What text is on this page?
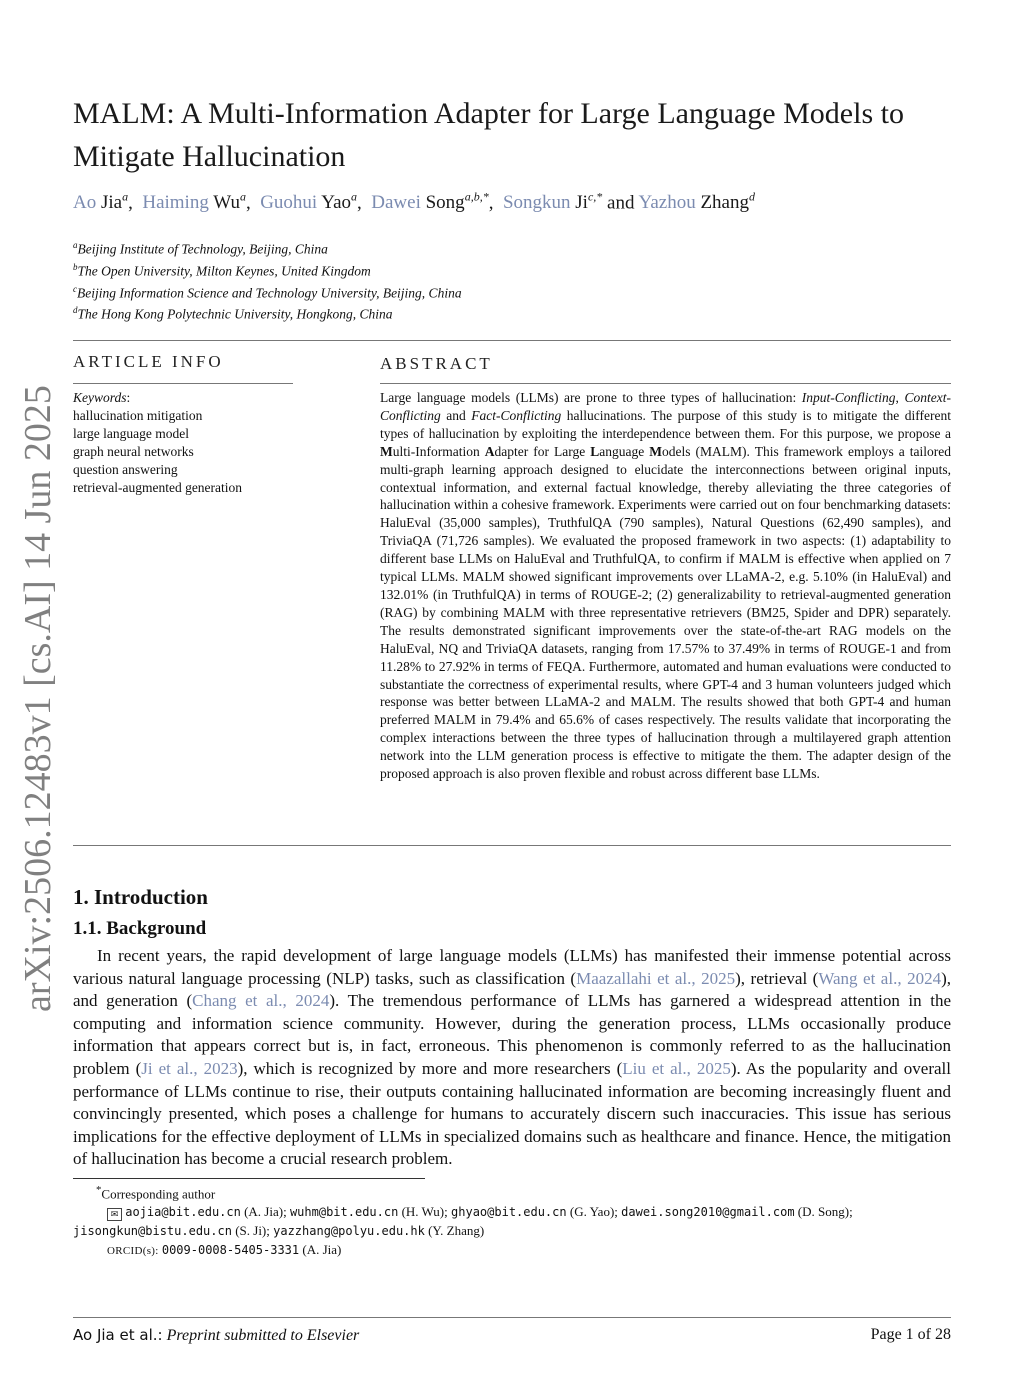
arXiv:2506.12483v1 [cs.AI] 14 Jun 2025
MALM: A Multi-Information Adapter for Large Language Models to Mitigate Hallucination
Ao Jia$^a$,  Haiming Wu$^a$,  Guohui Yao$^a$,  Dawei Song$^{a,b,*}$,  Songkun $Ji^{c,*}$ and Yazhou Zhang$^d$
$^a$Beijing Institute of Technology, Beijing, China
$^b$The Open University, Milton Keynes, United Kingdom
$^c$Beijing Information Science and Technology University, Beijing, China
$^d$The Hong Kong Polytechnic University, Hongkong, China
ARTICLE INFO
Keywords:
hallucination mitigation
large language model
graph neural networks
question answering
retrieval-augmented generation
ABSTRACT
Large language models (LLMs) are prone to three types of hallucination: Input-Conflicting, Context-Conflicting and Fact-Conflicting hallucinations. The purpose of this study is to mitigate the different types of hallucination by exploiting the interdependence between them. For this purpose, we propose a Multi-Information Adapter for Large Language Models (MALM). This framework employs a tailored multi-graph learning approach designed to elucidate the interconnections between original inputs, contextual information, and external factual knowledge, thereby alleviating the three categories of hallucination within a cohesive framework. Experiments were carried out on four benchmarking datasets: HaluEval (35,000 samples), TruthfulQA (790 samples), Natural Questions (62,490 samples), and TriviaQA (71,726 samples). We evaluated the proposed framework in two aspects: (1) adaptability to different base LLMs on HaluEval and TruthfulQA, to confirm if MALM is effective when applied on 7 typical LLMs. MALM showed significant improvements over LLaMA-2, e.g. 5.10% (in HaluEval) and 132.01% (in TruthfulQA) in terms of ROUGE-2; (2) generalizability to retrieval-augmented generation (RAG) by combining MALM with three representative retrievers (BM25, Spider and DPR) separately. The results demonstrated significant improvements over the state-of-the-art RAG models on the HaluEval, NQ and TriviaQA datasets, ranging from 17.57% to 37.49% in terms of ROUGE-1 and from 11.28% to 27.92% in terms of FEQA. Furthermore, automated and human evaluations were conducted to substantiate the correctness of experimental results, where GPT-4 and 3 human volunteers judged which response was better between LLaMA-2 and MALM. The results showed that both GPT-4 and human preferred MALM in 79.4% and 65.6% of cases respectively. The results validate that incorporating the complex interactions between the three types of hallucination through a multilayered graph attention network into the LLM generation process is effective to mitigate the them. The adapter design of the proposed approach is also proven flexible and robust across different base LLMs.
1. Introduction
1.1. Background
In recent years, the rapid development of large language models (LLMs) has manifested their immense potential across various natural language processing (NLP) tasks, such as classification (Maazallahi et al., 2025), retrieval (Wang et al., 2024), and generation (Chang et al., 2024). The tremendous performance of LLMs has garnered a widespread attention in the computing and information science community. However, during the generation process, LLMs occasionally produce information that appears correct but is, in fact, erroneous. This phenomenon is commonly referred to as the hallucination problem (Ji et al., 2023), which is recognized by more and more researchers (Liu et al., 2025). As the popularity and overall performance of LLMs continue to rise, their outputs containing hallucinated information are becoming increasingly fluent and convincingly presented, which poses a challenge for humans to accurately discern such inaccuracies. This issue has serious implications for the effective deployment of LLMs in specialized domains such as healthcare and finance. Hence, the mitigation of hallucination has become a crucial research problem.
*Corresponding author
✉ aojia@bit.edu.cn (A. Jia); wuhm@bit.edu.cn (H. Wu); ghyao@bit.edu.cn (G. Yao); dawei.song2010@gmail.com (D. Song);
jisongkun@bistu.edu.cn (S. Ji); yazzhang@polyu.edu.hk (Y. Zhang)
ORCID(s): 0009-0008-5405-3331 (A. Jia)
Ao Jia et al.: Preprint submitted to Elsevier	Page 1 of 28
